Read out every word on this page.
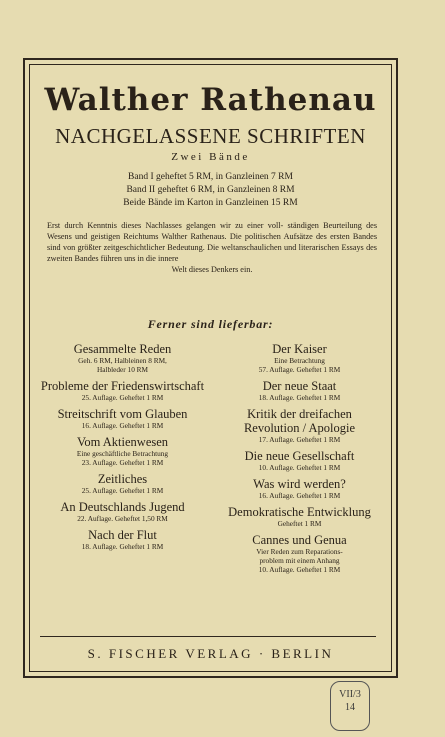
Walther Rathenau
NACHGELASSENE SCHRIFTEN
Zwei Bände
Band I geheftet 5 RM, in Ganzleinen 7 RM
Band II geheftet 6 RM, in Ganzleinen 8 RM
Beide Bände im Karton in Ganzleinen 15 RM
Erst durch Kenntnis dieses Nachlasses gelangen wir zu einer voll- ständigen Beurteilung des Wesens und geistigen Reichtums Walther Rathenaus. Die politischen Aufsätze des ersten Bandes sind von größter zeitgeschichtlicher Bedeutung. Die weltanschaulichen und literarischen Essays des zweiten Bandes führen uns in die innere
Welt dieses Denkers ein.
Ferner sind lieferbar:
Gesammelte Reden
Geh. 6 RM, Halbleinen 8 RM,
Halbleder 10 RM
Probleme der Friedenswirtschaft
25. Auflage. Geheftet 1 RM
Streitschrift vom Glauben
16. Auflage. Geheftet 1 RM
Vom Aktienwesen
Eine geschäftliche Betrachtung
23. Auflage. Geheftet 1 RM
Zeitliches
25. Auflage. Geheftet 1 RM
An Deutschlands Jugend
22. Auflage. Geheftet 1,50 RM
Nach der Flut
18. Auflage. Geheftet 1 RM
Der Kaiser
Eine Betrachtung
57. Auflage. Geheftet 1 RM
Der neue Staat
18. Auflage. Geheftet 1 RM
Kritik der dreifachen Revolution / Apologie
17. Auflage. Geheftet 1 RM
Die neue Gesellschaft
10. Auflage. Geheftet 1 RM
Was wird werden?
16. Auflage. Geheftet 1 RM
Demokratische Entwicklung
Geheftet 1 RM
Cannes und Genua
Vier Reden zum Reparations-
problem mit einem Anhang
10. Auflage. Geheftet 1 RM
S. FISCHER VERLAG · BERLIN
VII/3
14
